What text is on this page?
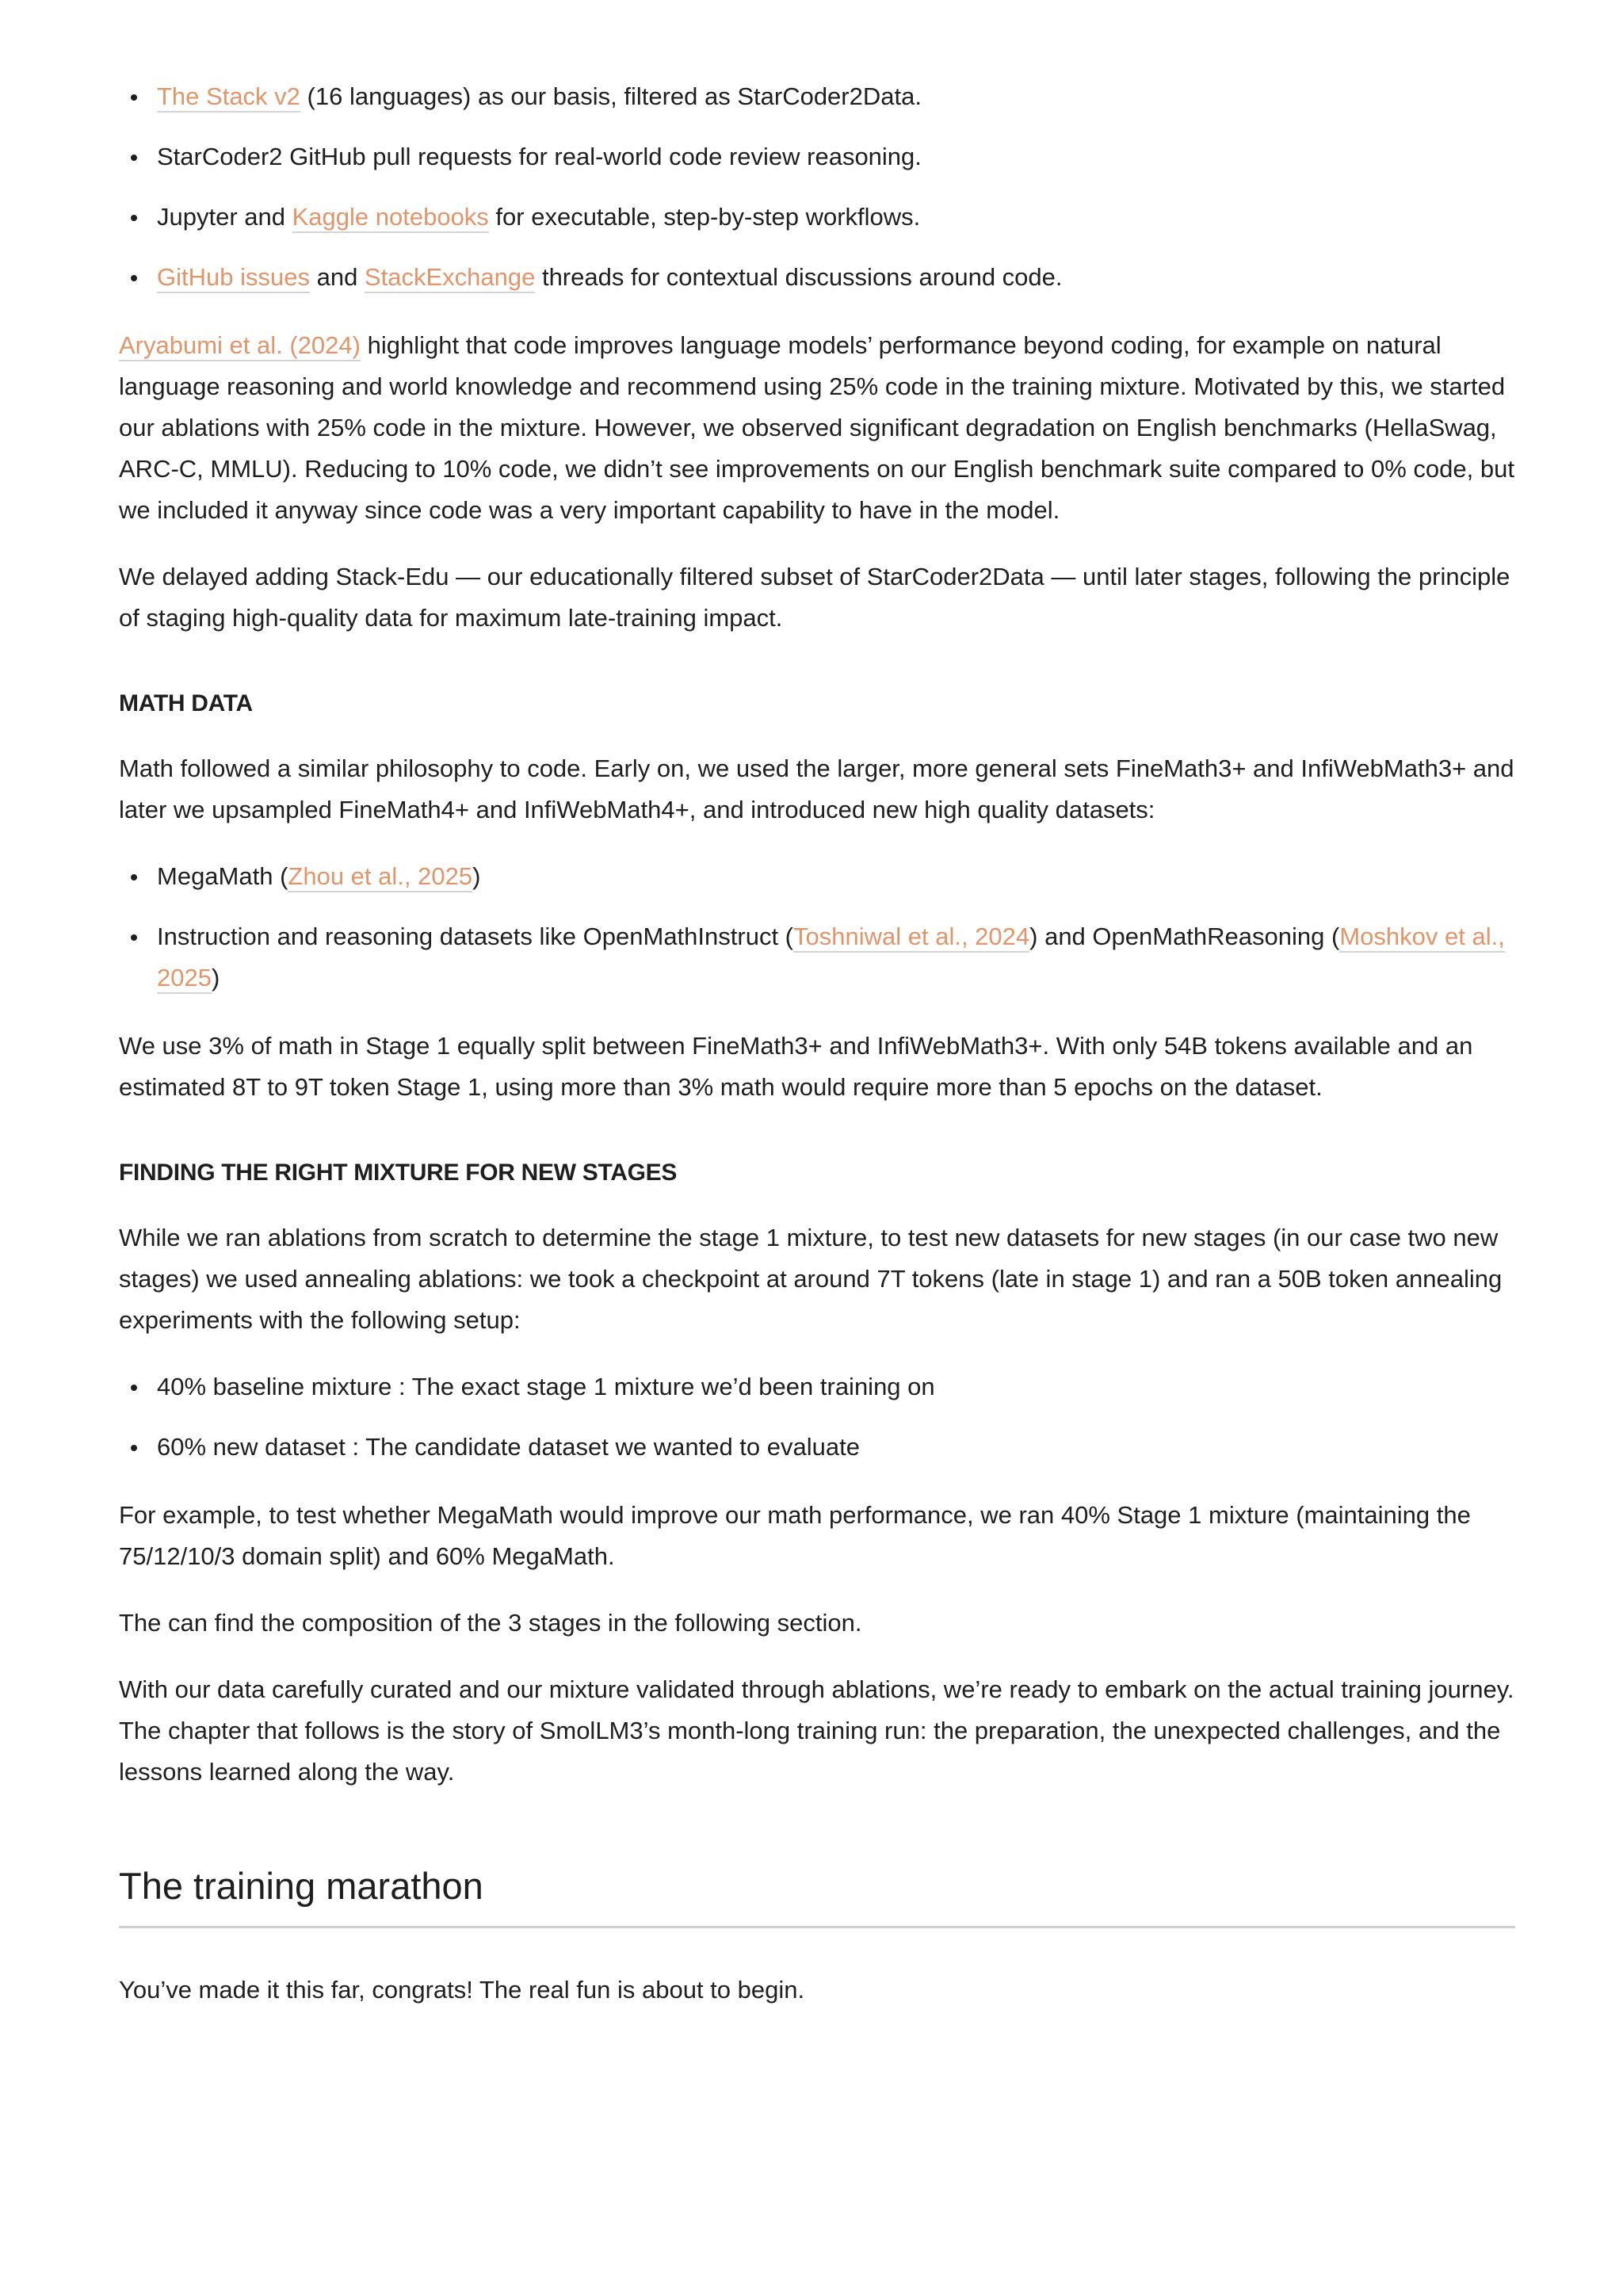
The Stack v2 (16 languages) as our basis, filtered as StarCoder2Data.
StarCoder2 GitHub pull requests for real-world code review reasoning.
Jupyter and Kaggle notebooks for executable, step-by-step workflows.
GitHub issues and StackExchange threads for contextual discussions around code.

Aryabumi et al. (2024) highlight that code improves language models’ performance beyond coding, for example on natural language reasoning and world knowledge and recommend using 25% code in the training mixture. Motivated by this, we started our ablations with 25% code in the mixture. However, we observed significant degradation on English benchmarks (HellaSwag, ARC-C, MMLU). Reducing to 10% code, we didn’t see improvements on our English benchmark suite compared to 0% code, but we included it anyway since code was a very important capability to have in the model.

We delayed adding Stack-Edu — our educationally filtered subset of StarCoder2Data — until later stages, following the principle of staging high-quality data for maximum late-training impact.

MATH DATA

Math followed a similar philosophy to code. Early on, we used the larger, more general sets FineMath3+ and InfiWebMath3+ and later we upsampled FineMath4+ and InfiWebMath4+, and introduced new high quality datasets:

MegaMath (Zhou et al., 2025)
Instruction and reasoning datasets like OpenMathInstruct (Toshniwal et al., 2024) and OpenMathReasoning (Moshkov et al., 2025)

We use 3% of math in Stage 1 equally split between FineMath3+ and InfiWebMath3+. With only 54B tokens available and an estimated 8T to 9T token Stage 1, using more than 3% math would require more than 5 epochs on the dataset.

FINDING THE RIGHT MIXTURE FOR NEW STAGES

While we ran ablations from scratch to determine the stage 1 mixture, to test new datasets for new stages (in our case two new stages) we used annealing ablations: we took a checkpoint at around 7T tokens (late in stage 1) and ran a 50B token annealing experiments with the following setup:

40% baseline mixture : The exact stage 1 mixture we’d been training on
60% new dataset : The candidate dataset we wanted to evaluate

For example, to test whether MegaMath would improve our math performance, we ran 40% Stage 1 mixture (maintaining the 75/12/10/3 domain split) and 60% MegaMath.

The can find the composition of the 3 stages in the following section.

With our data carefully curated and our mixture validated through ablations, we’re ready to embark on the actual training journey. The chapter that follows is the story of SmolLM3’s month-long training run: the preparation, the unexpected challenges, and the lessons learned along the way.

The training marathon

You’ve made it this far, congrats! The real fun is about to begin.
